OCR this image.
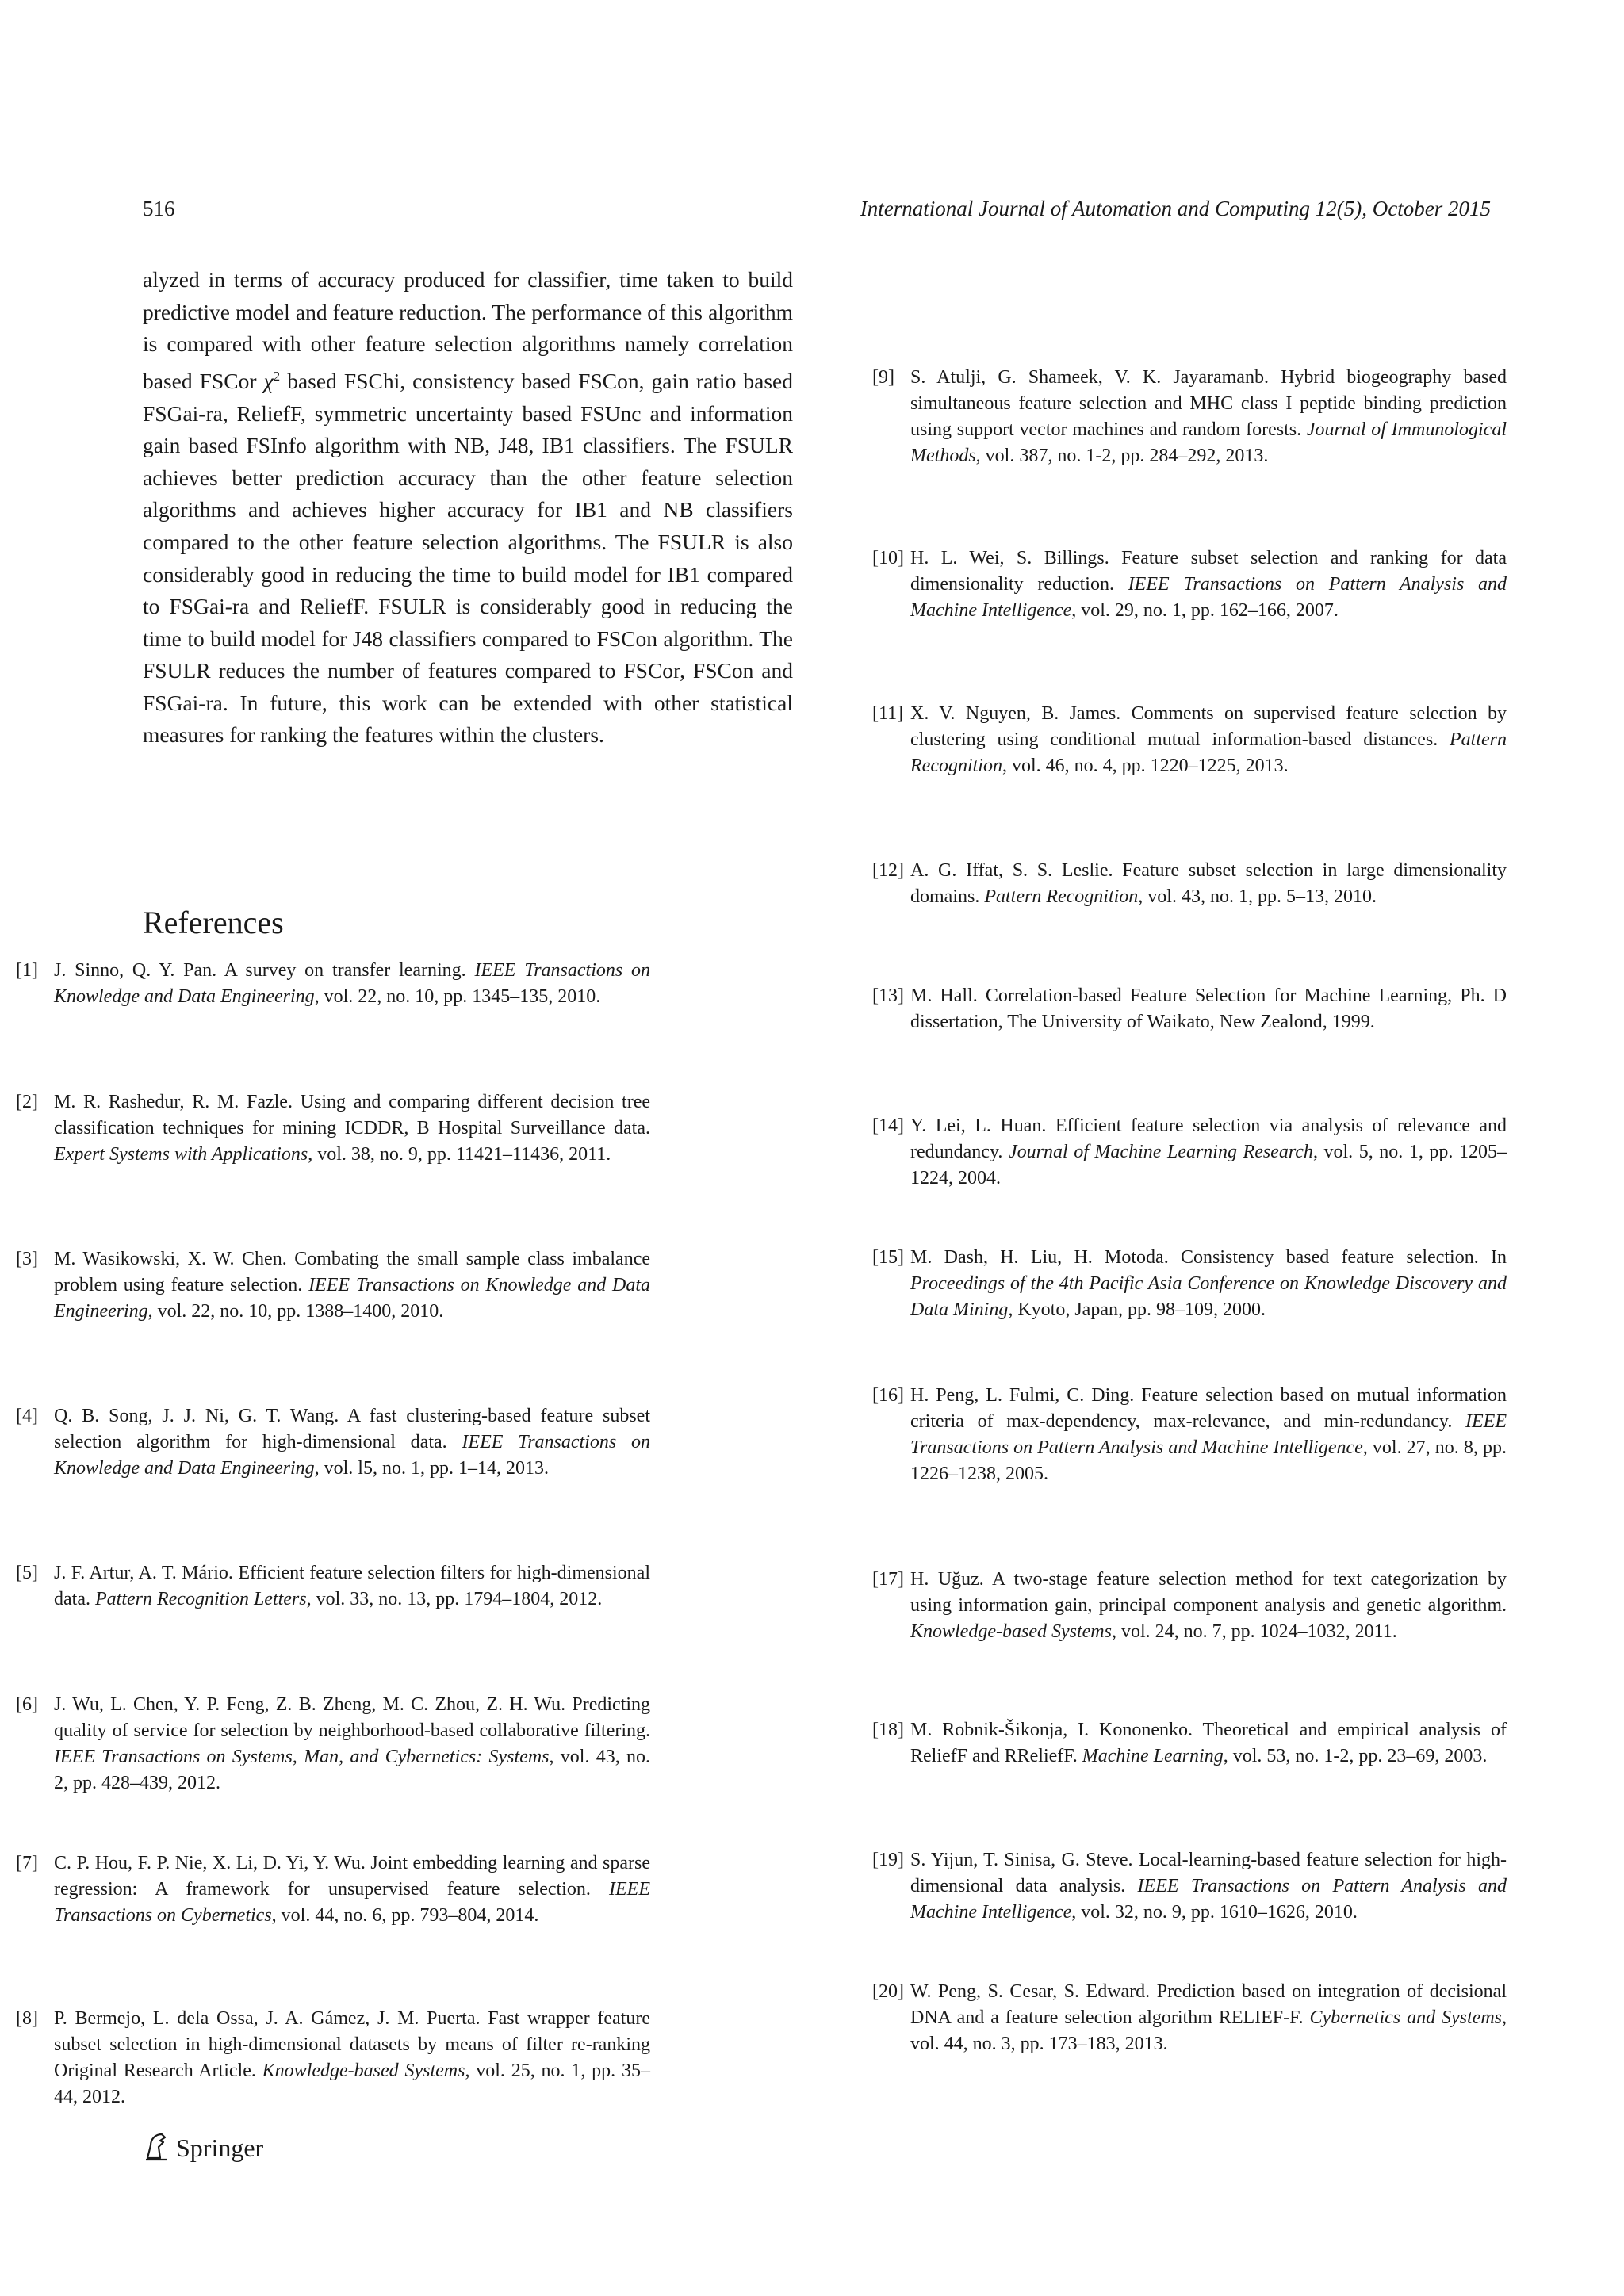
516	International Journal of Automation and Computing 12(5), October 2015

alyzed in terms of accuracy produced for classifier, time taken to build predictive model and feature reduction. The performance of this algorithm is compared with other feature selection algorithms namely correlation based FSCor $\chi^2$ based FSChi, consistency based FSCon, gain ratio based FSGai-ra, ReliefF, symmetric uncertainty based FSUnc and information gain based FSInfo algorithm with NB, J48, IB1 classifiers. The FSULR achieves better prediction accuracy than the other feature selection algorithms and achieves higher accuracy for IB1 and NB classifiers compared to the other feature selection algorithms. The FSULR is also considerably good in reducing the time to build model for IB1 compared to FSGai-ra and ReliefF. FSULR is considerably good in reducing the time to build model for J48 classifiers compared to FSCon algorithm. The FSULR reduces the number of features compared to FSCor, FSCon and FSGai-ra. In future, this work can be extended with other statistical measures for ranking the features within the clusters.

References
[1] J. Sinno, Q. Y. Pan. A survey on transfer learning. IEEE Transactions on Knowledge and Data Engineering, vol. 22, no. 10, pp. 1345–135, 2010.
[2] M. R. Rashedur, R. M. Fazle. Using and comparing different decision tree classification techniques for mining ICDDR, B Hospital Surveillance data. Expert Systems with Applications, vol. 38, no. 9, pp. 11421–11436, 2011.
[3] M. Wasikowski, X. W. Chen. Combating the small sample class imbalance problem using feature selection. IEEE Transactions on Knowledge and Data Engineering, vol. 22, no. 10, pp. 1388–1400, 2010.
[4] Q. B. Song, J. J. Ni, G. T. Wang. A fast clustering-based feature subset selection algorithm for high-dimensional data. IEEE Transactions on Knowledge and Data Engineering, vol. l5, no. 1, pp. 1–14, 2013.
[5] J. F. Artur, A. T. Mário. Efficient feature selection filters for high-dimensional data. Pattern Recognition Letters, vol. 33, no. 13, pp. 1794–1804, 2012.
[6] J. Wu, L. Chen, Y. P. Feng, Z. B. Zheng, M. C. Zhou, Z. H. Wu. Predicting quality of service for selection by neighborhood-based collaborative filtering. IEEE Transactions on Systems, Man, and Cybernetics: Systems, vol. 43, no. 2, pp. 428–439, 2012.
[7] C. P. Hou, F. P. Nie, X. Li, D. Yi, Y. Wu. Joint embedding learning and sparse regression: A framework for unsupervised feature selection. IEEE Transactions on Cybernetics, vol. 44, no. 6, pp. 793–804, 2014.
[8] P. Bermejo, L. dela Ossa, J. A. Gámez, J. M. Puerta. Fast wrapper feature subset selection in high-dimensional datasets by means of filter re-ranking Original Research Article. Knowledge-based Systems, vol. 25, no. 1, pp. 35–44, 2012.
[9] S. Atulji, G. Shameek, V. K. Jayaramanb. Hybrid biogeography based simultaneous feature selection and MHC class I peptide binding prediction using support vector machines and random forests. Journal of Immunological Methods, vol. 387, no. 1-2, pp. 284–292, 2013.
[10] H. L. Wei, S. Billings. Feature subset selection and ranking for data dimensionality reduction. IEEE Transactions on Pattern Analysis and Machine Intelligence, vol. 29, no. 1, pp. 162–166, 2007.
[11] X. V. Nguyen, B. James. Comments on supervised feature selection by clustering using conditional mutual information-based distances. Pattern Recognition, vol. 46, no. 4, pp. 1220–1225, 2013.
[12] A. G. Iffat, S. S. Leslie. Feature subset selection in large dimensionality domains. Pattern Recognition, vol. 43, no. 1, pp. 5–13, 2010.
[13] M. Hall. Correlation-based Feature Selection for Machine Learning, Ph. D dissertation, The University of Waikato, New Zealond, 1999.
[14] Y. Lei, L. Huan. Efficient feature selection via analysis of relevance and redundancy. Journal of Machine Learning Research, vol. 5, no. 1, pp. 1205–1224, 2004.
[15] M. Dash, H. Liu, H. Motoda. Consistency based feature selection. In Proceedings of the 4th Pacific Asia Conference on Knowledge Discovery and Data Mining, Kyoto, Japan, pp. 98–109, 2000.
[16] H. Peng, L. Fulmi, C. Ding. Feature selection based on mutual information criteria of max-dependency, max-relevance, and min-redundancy. IEEE Transactions on Pattern Analysis and Machine Intelligence, vol. 27, no. 8, pp. 1226–1238, 2005.
[17] H. Uğuz. A two-stage feature selection method for text categorization by using information gain, principal component analysis and genetic algorithm. Knowledge-based Systems, vol. 24, no. 7, pp. 1024–1032, 2011.
[18] M. Robnik-Šikonja, I. Kononenko. Theoretical and empirical analysis of ReliefF and RReliefF. Machine Learning, vol. 53, no. 1-2, pp. 23–69, 2003.
[19] S. Yijun, T. Sinisa, G. Steve. Local-learning-based feature selection for high-dimensional data analysis. IEEE Transactions on Pattern Analysis and Machine Intelligence, vol. 32, no. 9, pp. 1610–1626, 2010.
[20] W. Peng, S. Cesar, S. Edward. Prediction based on integration of decisional DNA and a feature selection algorithm RELIEF-F. Cybernetics and Systems, vol. 44, no. 3, pp. 173–183, 2013.
Springer
